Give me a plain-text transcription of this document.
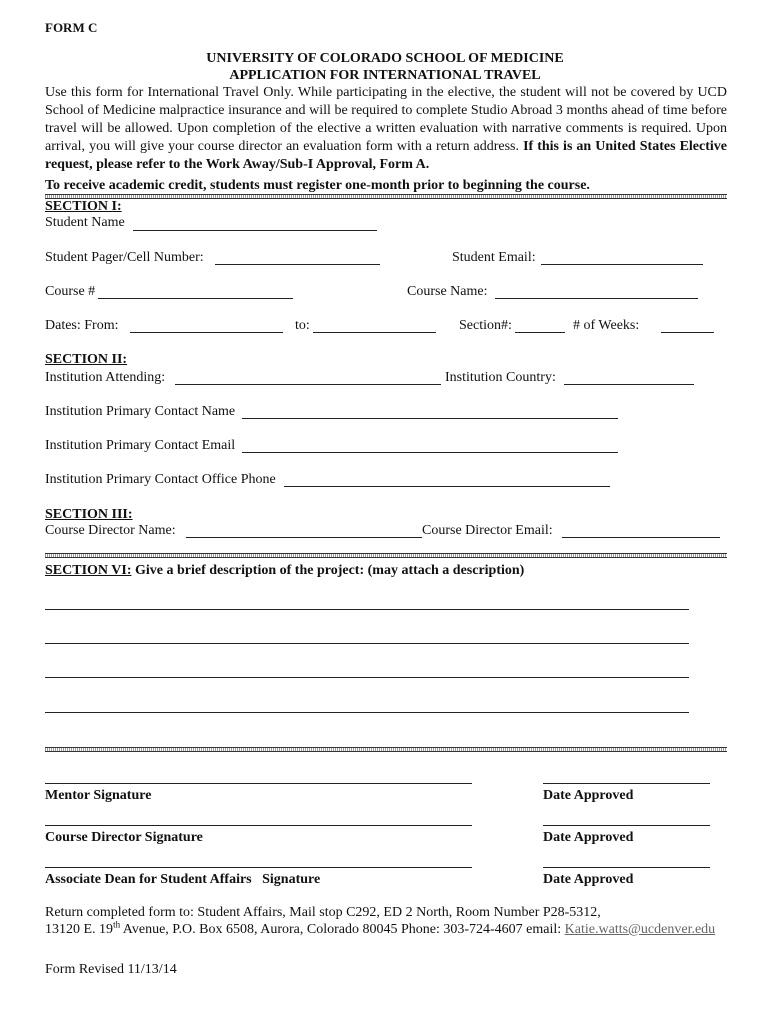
FORM C
UNIVERSITY OF COLORADO SCHOOL OF MEDICINE
APPLICATION FOR INTERNATIONAL TRAVEL
Use this form for International Travel Only. While participating in the elective, the student will not be covered by UCD School of Medicine malpractice insurance and will be required to complete Studio Abroad 3 months ahead of time before travel will be allowed. Upon completion of the elective a written evaluation with narrative comments is required. Upon arrival, you will give your course director an evaluation form with a return address. If this is an United States Elective request, please refer to the Work Away/Sub-I Approval, Form A.
To receive academic credit, students must register one-month prior to beginning the course.
SECTION I:
Student Name
Student Pager/Cell Number:	Student Email:
Course #	Course Name:
Dates: From:	to:	Section#:	# of Weeks:
SECTION II:
Institution Attending:	Institution Country:
Institution Primary Contact Name
Institution Primary Contact Email
Institution Primary Contact Office Phone
SECTION III:
Course Director Name:	Course Director Email:
SECTION VI: Give a brief description of the project: (may attach a description)
Mentor Signature	Date Approved
Course Director Signature	Date Approved
Associate Dean for Student Affairs   Signature	Date Approved
Return completed form to: Student Affairs, Mail stop C292, ED 2 North, Room Number P28-5312,
13120 E. 19th Avenue, P.O. Box 6508, Aurora, Colorado 80045 Phone: 303-724-4607 email: Katie.watts@ucdenver.edu
Form Revised 11/13/14
